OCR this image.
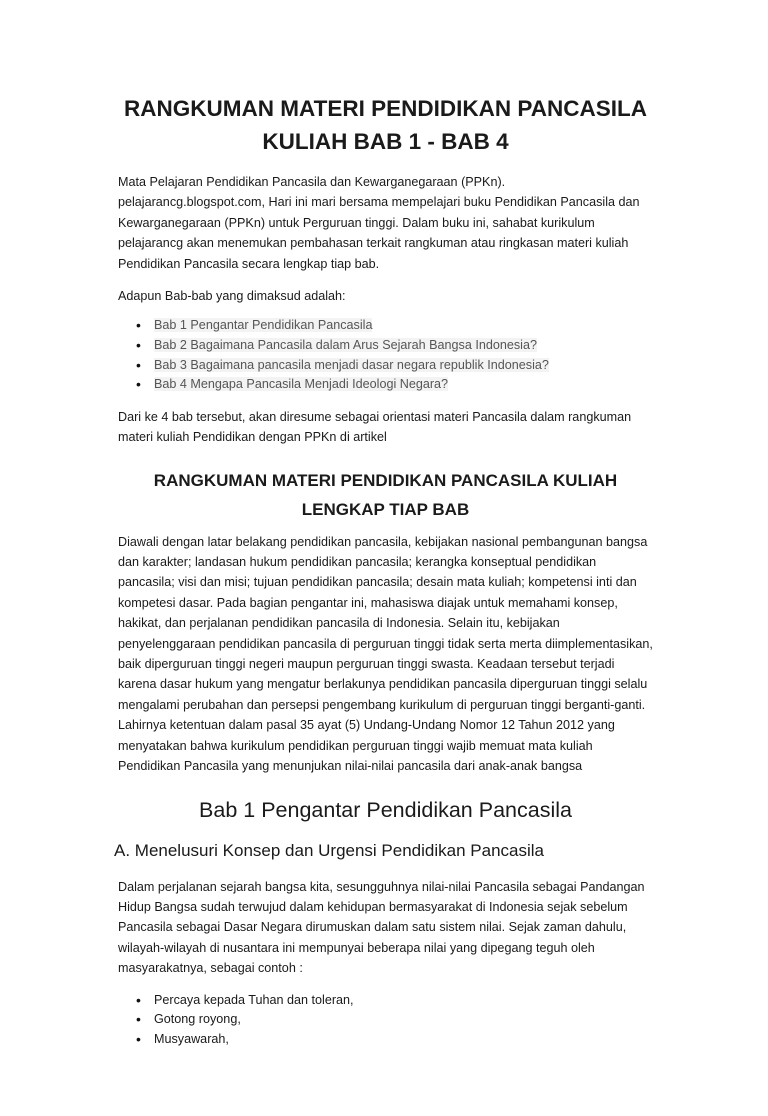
RANGKUMAN MATERI PENDIDIKAN PANCASILA KULIAH BAB 1 - BAB 4

Mata Pelajaran Pendidikan Pancasila dan Kewarganegaraan (PPKn). pelajarancg.blogspot.com, Hari ini mari bersama mempelajari buku Pendidikan Pancasila dan Kewarganegaraan (PPKn) untuk Perguruan tinggi. Dalam buku ini, sahabat kurikulum pelajarancg akan menemukan pembahasan terkait rangkuman atau ringkasan materi kuliah Pendidikan Pancasila secara lengkap tiap bab.

Adapun Bab-bab yang dimaksud adalah:

• Bab 1 Pengantar Pendidikan Pancasila
• Bab 2 Bagaimana Pancasila dalam Arus Sejarah Bangsa Indonesia?
• Bab 3 Bagaimana pancasila menjadi dasar negara republik Indonesia?
• Bab 4 Mengapa Pancasila Menjadi Ideologi Negara?

Dari ke 4 bab tersebut, akan diresume sebagai orientasi materi Pancasila dalam rangkuman materi kuliah Pendidikan dengan PPKn di artikel

RANGKUMAN MATERI PENDIDIKAN PANCASILA KULIAH LENGKAP TIAP BAB

Diawali dengan latar belakang pendidikan pancasila, kebijakan nasional pembangunan bangsa dan karakter; landasan hukum pendidikan pancasila; kerangka konseptual pendidikan pancasila; visi dan misi; tujuan pendidikan pancasila; desain mata kuliah; kompetensi inti dan kompetesi dasar. Pada bagian pengantar ini, mahasiswa diajak untuk memahami konsep, hakikat, dan perjalanan pendidikan pancasila di Indonesia. Selain itu, kebijakan penyelenggaraan pendidikan pancasila di perguruan tinggi tidak serta merta diimplementasikan, baik diperguruan tinggi negeri maupun perguruan tinggi swasta. Keadaan tersebut terjadi karena dasar hukum yang mengatur berlakunya pendidikan pancasila diperguruan tinggi selalu mengalami perubahan dan persepsi pengembang kurikulum di perguruan tinggi berganti-ganti. Lahirnya ketentuan dalam pasal 35 ayat (5) Undang-Undang Nomor 12 Tahun 2012 yang menyatakan bahwa kurikulum pendidikan perguruan tinggi wajib memuat mata kuliah Pendidikan Pancasila yang menunjukan nilai-nilai pancasila dari anak-anak bangsa

Bab 1 Pengantar Pendidikan Pancasila
A. Menelusuri Konsep dan Urgensi Pendidikan Pancasila

Dalam perjalanan sejarah bangsa kita, sesungguhnya nilai-nilai Pancasila sebagai Pandangan Hidup Bangsa sudah terwujud dalam kehidupan bermasyarakat di Indonesia sejak sebelum Pancasila sebagai Dasar Negara dirumuskan dalam satu sistem nilai. Sejak zaman dahulu, wilayah-wilayah di nusantara ini mempunyai beberapa nilai yang dipegang teguh oleh masyarakatnya, sebagai contoh :

• Percaya kepada Tuhan dan toleran,
• Gotong royong,
• Musyawarah,
